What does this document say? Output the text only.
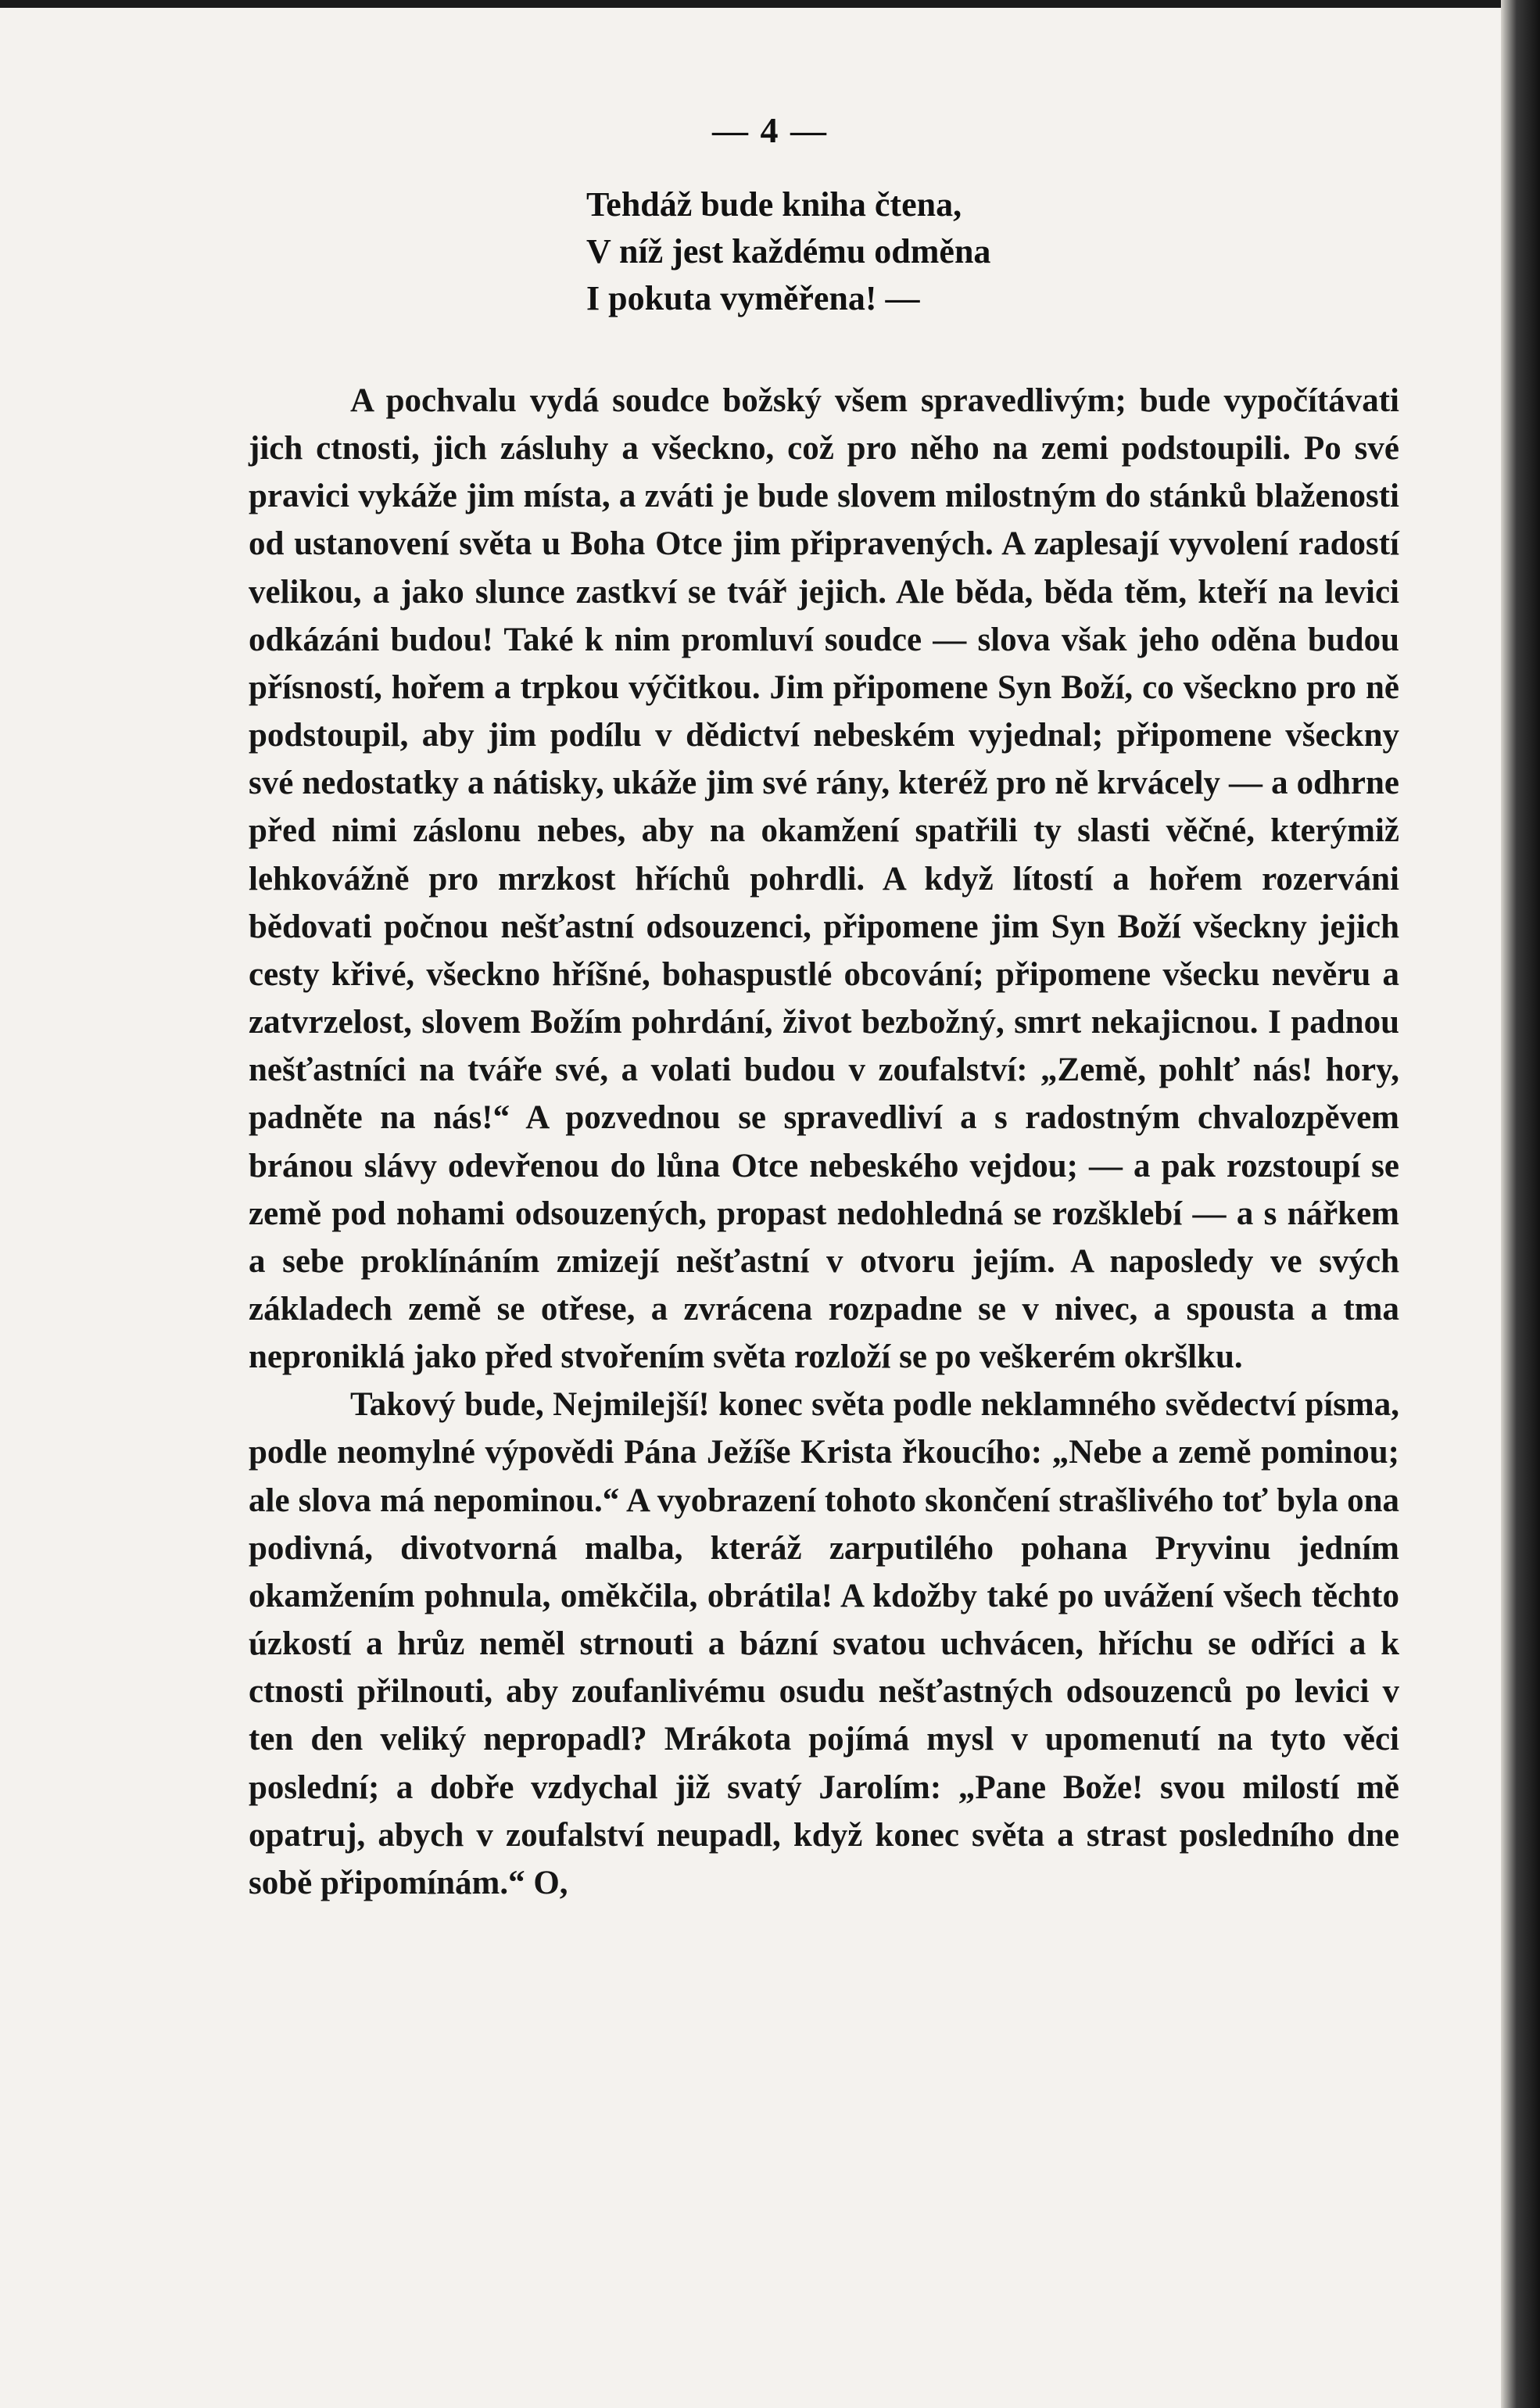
— 4 —
Tehdáž bude kniha čtena,
V níž jest každému odměna
I pokuta vyměřena! —

A pochvalu vydá soudce božský všem spravedlivým; bude vypočítávati jich ctnosti, jich zásluhy a všeckno, což pro něho na zemi podstoupili. Po své pravici vykáže jim místa, a zváti je bude slovem milostným do stánků blaženosti od ustanovení světa u Boha Otce jim připravených. A zaplesají vyvolení radostí velikou, a jako slunce zastkví se tvář jejich. Ale běda, běda těm, kteří na levici odkázáni budou! Také k nim promluví soudce — slova však jeho oděna budou přísností, hořem a trpkou výčitkou. Jim připomene Syn Boží, co všeckno pro ně podstoupil, aby jim podílu v dědictví nebeském vyjednal; připomene všeckny své nedostatky a nátisky, ukáže jim své rány, kteréž pro ně krvácely — a odhrne před nimi záslonu nebes, aby na okamžení spatřili ty slasti věčné, kterýmiž lehkovážně pro mrzkost hříchů pohrdli. A když lítostí a hořem rozerváni bědovati počnou nešťastní odsouzenci, připomene jim Syn Boží všeckny jejich cesty křivé, všeckno hříšné, bohaspustlé obcování; připomene všecku nevěru a zatvrzelost, slovem Božím pohrdání, život bezbožný, smrt nekajicnou. I padnou nešťastníci na tváře své, a volati budou v zoufalství: „Země, pohlť nás! hory, padněte na nás!“ A pozvednou se spravedliví a s radostným chvalozpěvem bránou slávy odevřenou do lůna Otce nebeského vejdou; — a pak rozstoupí se země pod nohami odsouzených, propast nedohledná se rozšklebí — a s nářkem a sebe proklínáním zmizejí nešťastní v otvoru jejím. A naposledy ve svých základech země se otřese, a zvrácena rozpadne se v nivec, a spousta a tma neproniklá jako před stvořením světa rozloží se po veškerém okršlku.

Takový bude, Nejmilejší! konec světa podle neklamného svědectví písma, podle neomylné výpovědi Pána Ježíše Krista řkoucího: „Nebe a země pominou; ale slova má nepominou.“ A vyobrazení tohoto skončení strašlivého toť byla ona podivná, divotvorná malba, kteráž zarputilého pohana Pryvinu jedním okamžením pohnula, oměkčila, obrátila! A kdožby také po uvážení všech těchto úzkostí a hrůz neměl strnouti a bázní svatou uchvácen, hříchu se odříci a k ctnosti přilnouti, aby zoufanlivému osudu nešťastných odsouzenců po levici v ten den veliký nepropadl? Mrákota pojímá mysl v upomenutí na tyto věci poslední; a dobře vzdychal již svatý Jarolím: „Pane Bože! svou milostí mě opatruj, abych v zoufalství neupadl, když konec světa a strast posledního dne sobě připomínám.“ O,
